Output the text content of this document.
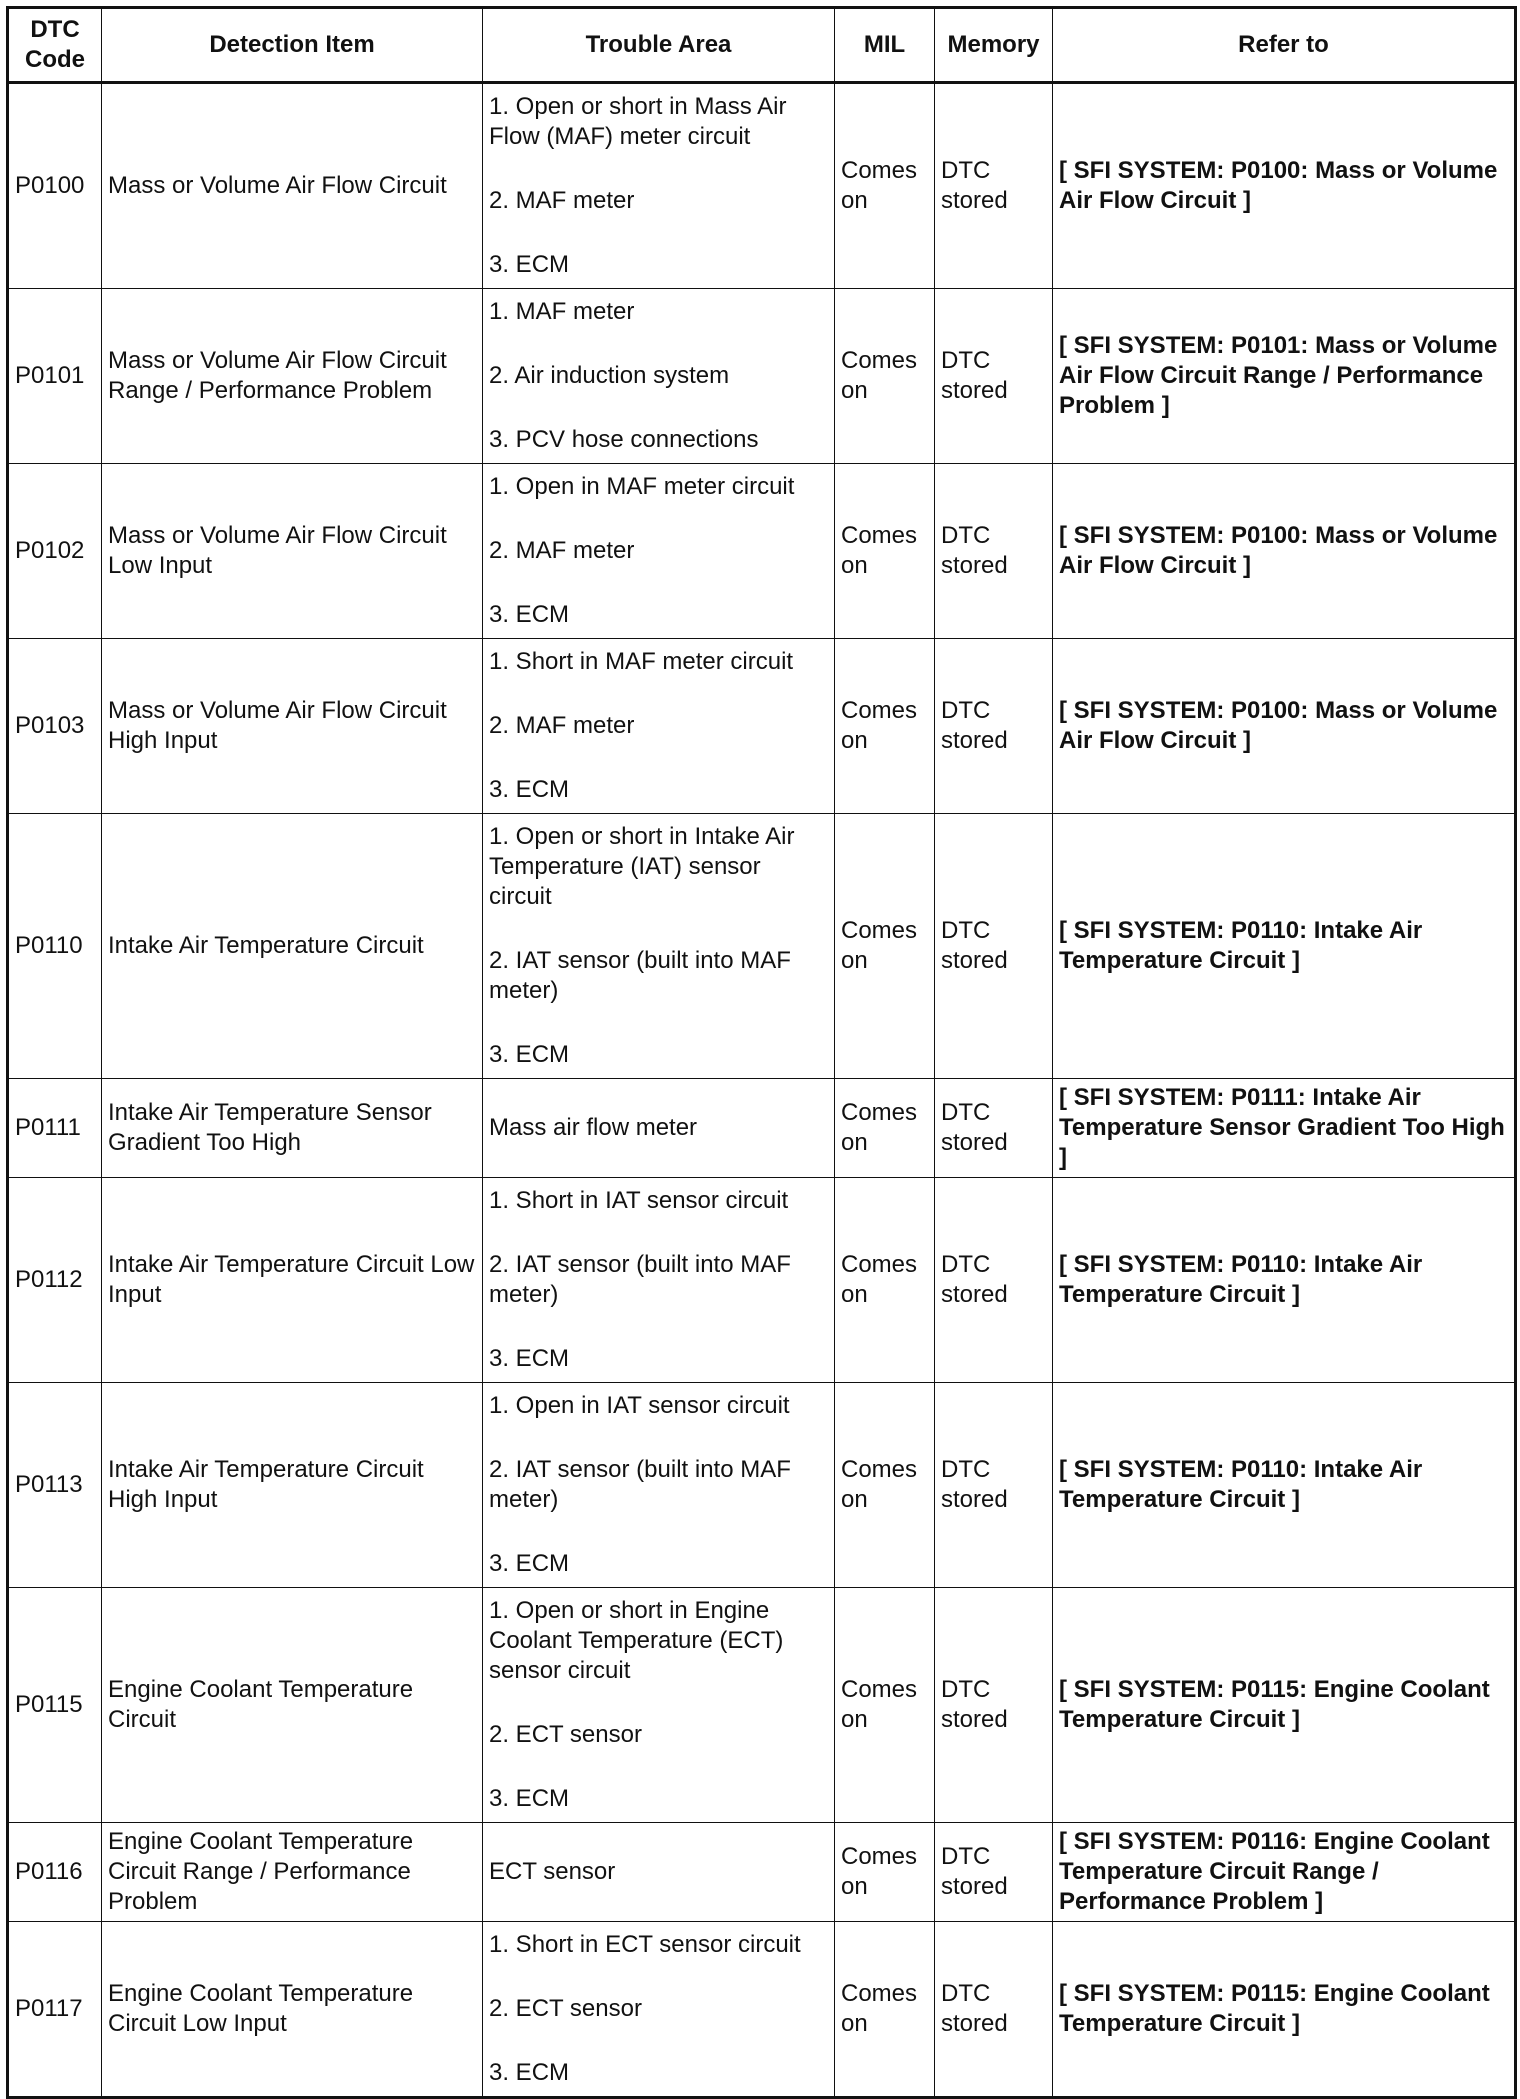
DTC Code	Detection Item	Trouble Area	MIL	Memory	Refer to
P0100	Mass or Volume Air Flow Circuit	1. Open or short in Mass Air Flow (MAF) meter circuit
2. MAF meter
3. ECM	Comes on	DTC stored	[ SFI SYSTEM: P0100: Mass or Volume Air Flow Circuit ]
P0101	Mass or Volume Air Flow Circuit Range / Performance Problem	1. MAF meter
2. Air induction system
3. PCV hose connections	Comes on	DTC stored	[ SFI SYSTEM: P0101: Mass or Volume Air Flow Circuit Range / Performance Problem ]
P0102	Mass or Volume Air Flow Circuit Low Input	1. Open in MAF meter circuit
2. MAF meter
3. ECM	Comes on	DTC stored	[ SFI SYSTEM: P0100: Mass or Volume Air Flow Circuit ]
P0103	Mass or Volume Air Flow Circuit High Input	1. Short in MAF meter circuit
2. MAF meter
3. ECM	Comes on	DTC stored	[ SFI SYSTEM: P0100: Mass or Volume Air Flow Circuit ]
P0110	Intake Air Temperature Circuit	1. Open or short in Intake Air Temperature (IAT) sensor circuit
2. IAT sensor (built into MAF meter)
3. ECM	Comes on	DTC stored	[ SFI SYSTEM: P0110: Intake Air Temperature Circuit ]
P0111	Intake Air Temperature Sensor Gradient Too High	Mass air flow meter	Comes on	DTC stored	[ SFI SYSTEM: P0111: Intake Air Temperature Sensor Gradient Too High ]
P0112	Intake Air Temperature Circuit Low Input	1. Short in IAT sensor circuit
2. IAT sensor (built into MAF meter)
3. ECM	Comes on	DTC stored	[ SFI SYSTEM: P0110: Intake Air Temperature Circuit ]
P0113	Intake Air Temperature Circuit High Input	1. Open in IAT sensor circuit
2. IAT sensor (built into MAF meter)
3. ECM	Comes on	DTC stored	[ SFI SYSTEM: P0110: Intake Air Temperature Circuit ]
P0115	Engine Coolant Temperature Circuit	1. Open or short in Engine Coolant Temperature (ECT) sensor circuit
2. ECT sensor
3. ECM	Comes on	DTC stored	[ SFI SYSTEM: P0115: Engine Coolant Temperature Circuit ]
P0116	Engine Coolant Temperature Circuit Range / Performance Problem	ECT sensor	Comes on	DTC stored	[ SFI SYSTEM: P0116: Engine Coolant Temperature Circuit Range / Performance Problem ]
P0117	Engine Coolant Temperature Circuit Low Input	1. Short in ECT sensor circuit
2. ECT sensor
3. ECM	Comes on	DTC stored	[ SFI SYSTEM: P0115: Engine Coolant Temperature Circuit ]
